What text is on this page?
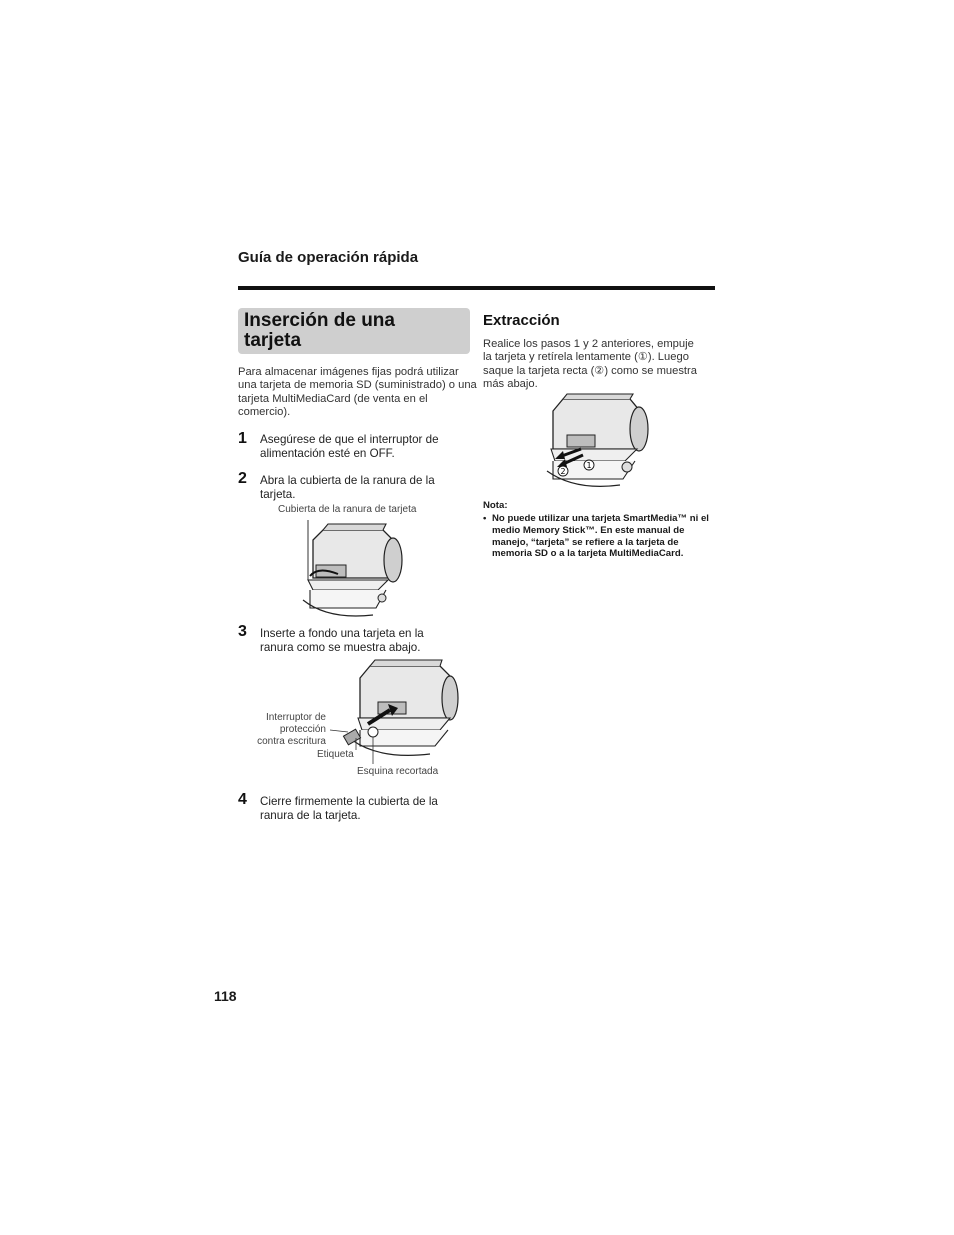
Guía de operación rápida
Inserción de una
tarjeta
Para almacenar imágenes fijas podrá utilizar una tarjeta de memoria SD (suministrado) o una tarjeta MultiMediaCard (de venta en el comercio).
1 Asegúrese de que el interruptor de
alimentación esté en OFF.
2 Abra la cubierta de la ranura de la
tarjeta.
Cubierta de la ranura de tarjeta
3 Inserte a fondo una tarjeta en la
ranura como se muestra abajo.
Interruptor de
protección
contra escritura
Etiqueta
Esquina recortada
4 Cierre firmemente la cubierta de la
ranura de la tarjeta.
Extracción
Realice los pasos 1 y 2 anteriores, empuje
la tarjeta y retírela lentamente (①). Luego
saque la tarjeta recta (②) como se muestra
más abajo.
1
2
Nota:
• No puede utilizar una tarjeta SmartMedia™ ni el medio Memory Stick™. En este manual de manejo, “tarjeta” se refiere a la tarjeta de memoria SD o a la tarjeta MultiMediaCard.
118
